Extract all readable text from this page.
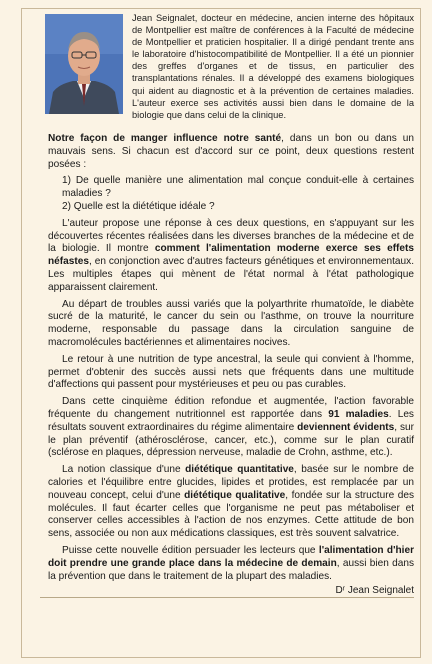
Jean Seignalet, docteur en médecine, ancien interne des hôpitaux de Montpellier est maître de conférences à la Faculté de médecine de Montpellier et praticien hospitalier. Il a dirigé pendant trente ans le laboratoire d'histocompatibilité de Montpellier. Il a été un pionnier des greffes d'organes et de tissus, en particulier des transplantations rénales. Il a développé des examens biologiques qui aident au diagnostic et à la prévention de certaines maladies. L'auteur exerce ses activités aussi bien dans le domaine de la biologie que dans celui de la clinique.

Notre façon de manger influence notre santé, dans un bon ou dans un mauvais sens. Si chacun est d'accord sur ce point, deux questions restent posées :

1) De quelle manière une alimentation mal conçue conduit-elle à certaines maladies ?

2) Quelle est la diététique idéale ?

L'auteur propose une réponse à ces deux questions, en s'appuyant sur les découvertes récentes réalisées dans les diverses branches de la médecine et de la biologie. Il montre comment l'alimentation moderne exerce ses effets néfastes, en conjonction avec d'autres facteurs génétiques et environnementaux. Les multiples étapes qui mènent de l'état normal à l'état pathologique apparaissent clairement.

Au départ de troubles aussi variés que la polyarthrite rhumatoïde, le diabète sucré de la maturité, le cancer du sein ou l'asthme, on trouve la nourriture moderne, responsable du passage dans la circulation sanguine de macromolécules bactériennes et alimentaires nocives.

Le retour à une nutrition de type ancestral, la seule qui convient à l'homme, permet d'obtenir des succès aussi nets que fréquents dans une multitude d'affections qui passent pour mystérieuses et peu ou pas curables.

Dans cette cinquième édition refondue et augmentée, l'action favorable fréquente du changement nutritionnel est rapportée dans 91 maladies. Les résultats souvent extraordinaires du régime alimentaire deviennent évidents, sur le plan préventif (athérosclérose, cancer, etc.), comme sur le plan curatif (sclérose en plaques, dépression nerveuse, maladie de Crohn, asthme, etc.).

La notion classique d'une diététique quantitative, basée sur le nombre de calories et l'équilibre entre glucides, lipides et protides, est remplacée par un nouveau concept, celui d'une diététique qualitative, fondée sur la structure des molécules. Il faut écarter celles que l'organisme ne peut pas métaboliser et conserver celles accessibles à l'action de nos enzymes. Cette attitude de bon sens, associée ou non aux médications classiques, est très souvent salvatrice.

Puisse cette nouvelle édition persuader les lecteurs que l'alimentation d'hier doit prendre une grande place dans la médecine de demain, aussi bien dans la prévention que dans le traitement de la plupart des maladies.

Dʳ Jean Seignalet
